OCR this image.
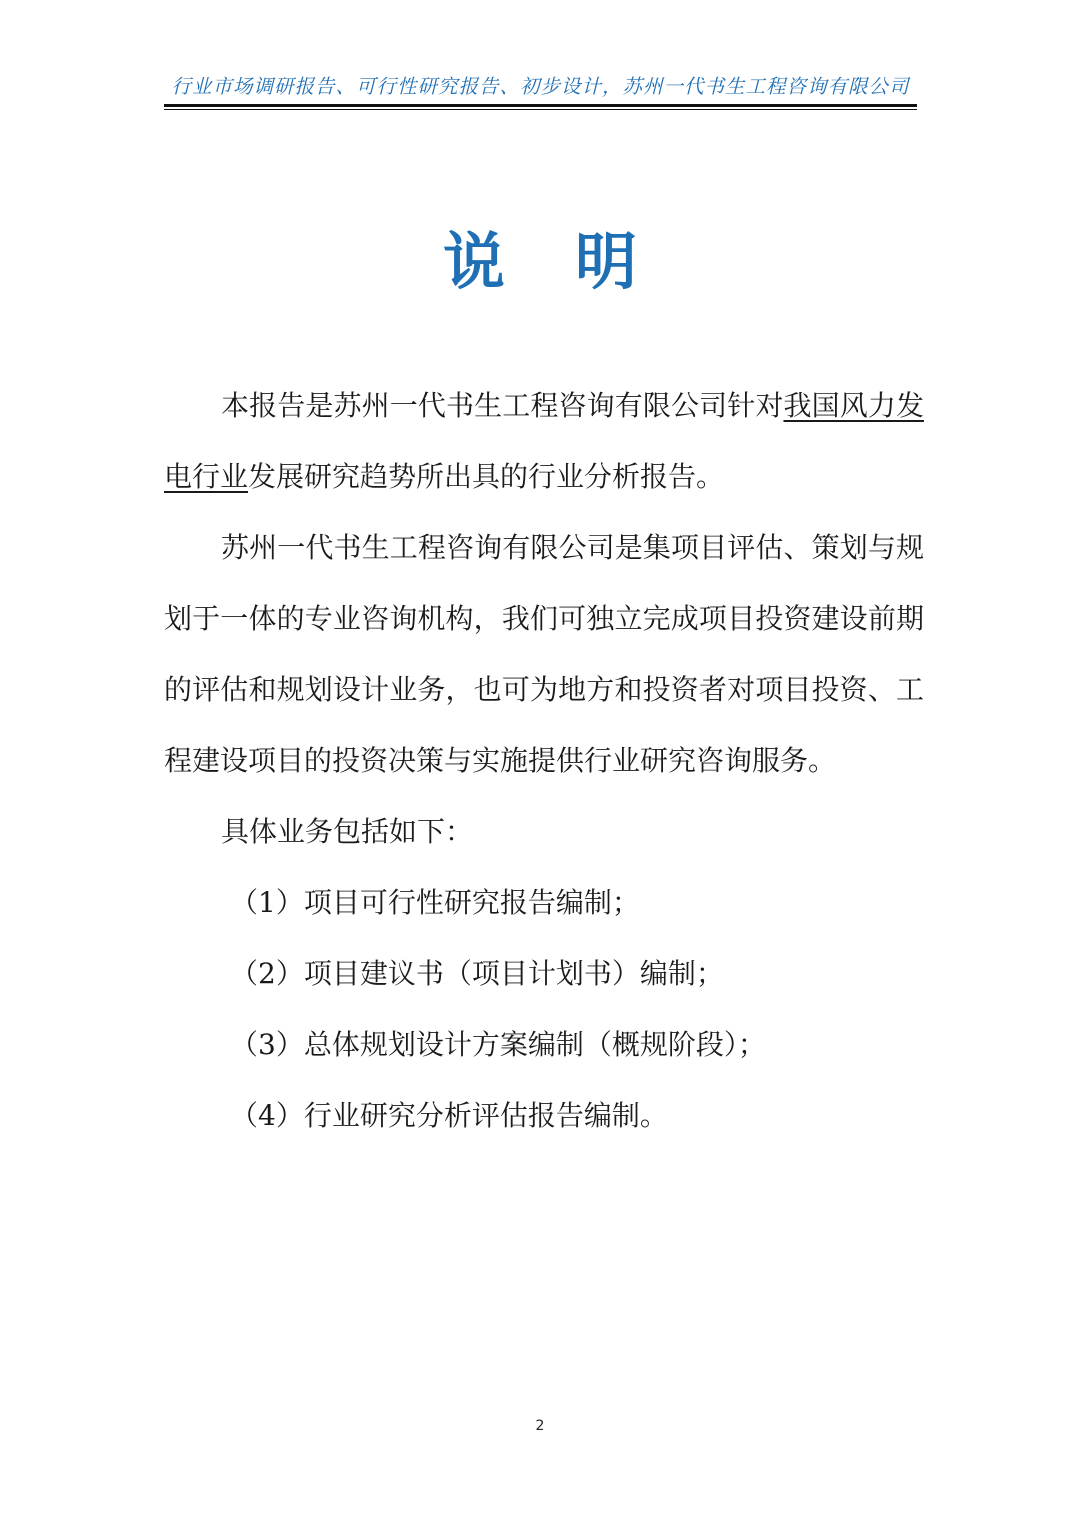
行业市场调研报告、可行性研究报告、初步设计，苏州一代书生工程咨询有限公司
说明

本报告是苏州一代书生工程咨询有限公司针对我国风力发电行业发展研究趋势所出具的行业分析报告。

苏州一代书生工程咨询有限公司是集项目评估、策划与规划于一体的专业咨询机构，我们可独立完成项目投资建设前期的评估和规划设计业务，也可为地方和投资者对项目投资、工程建设项目的投资决策与实施提供行业研究咨询服务。

具体业务包括如下：

（1）项目可行性研究报告编制；

（2）项目建议书（项目计划书）编制；

（3）总体规划设计方案编制（概规阶段）；

（4）行业研究分析评估报告编制。

2
